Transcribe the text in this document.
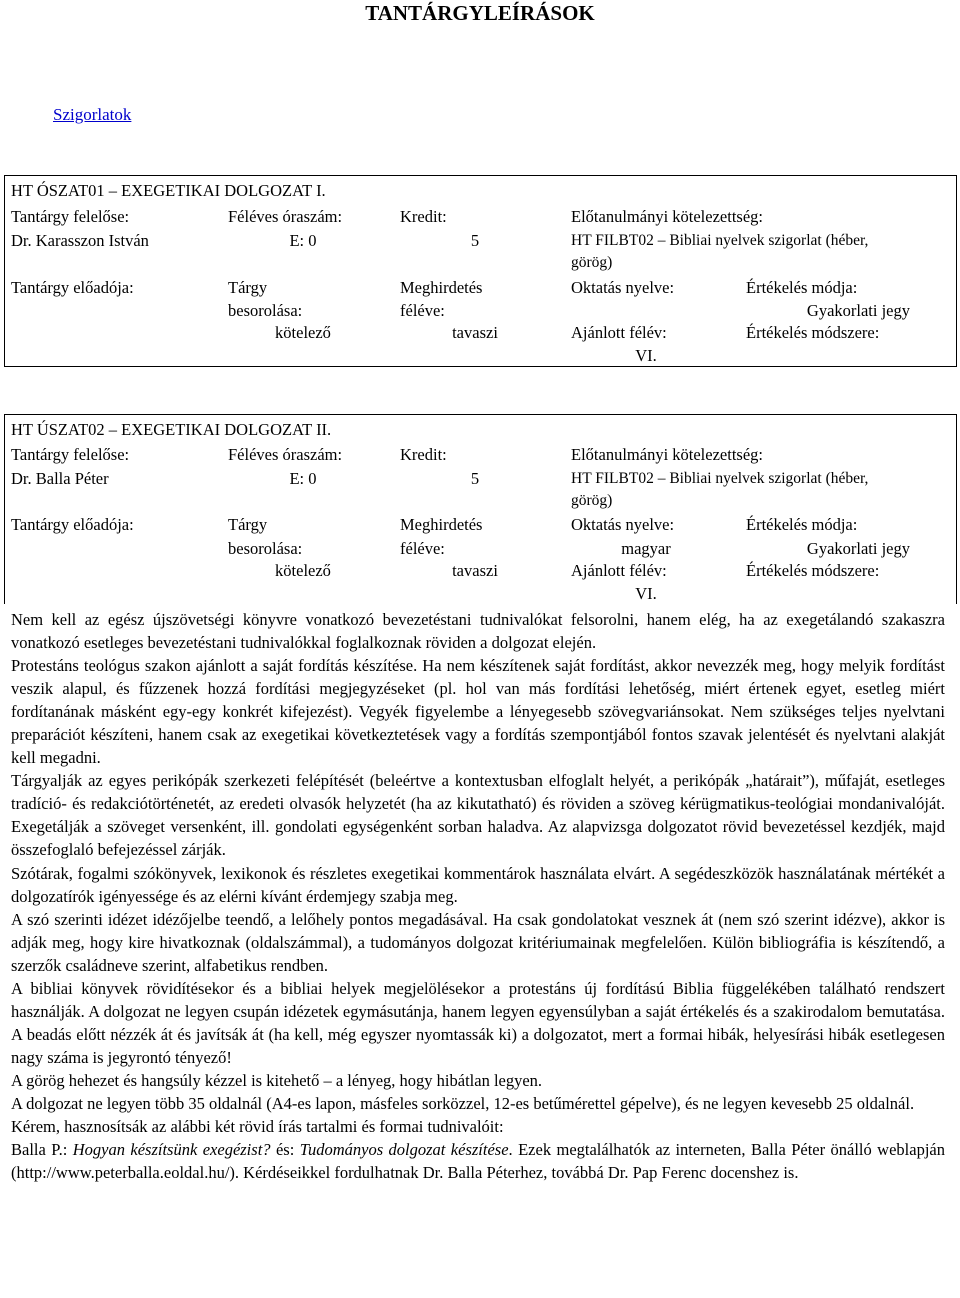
TANTÁRGYLEÍRÁSOK
Szigorlatok
HT ÓSZAT01 – EXEGETIKAI DOLGOZAT I.
Tantárgy felelőse:
Dr. Karasszon István
Tantárgy előadója:
Féléves óraszám:
E: 0
Tárgy
besorolása:
kötelező
Kredit:
5
Meghirdetés
féléve:
tavaszi
Előtanulmányi kötelezettség:
HT FILBT02 – Bibliai nyelvek szigorlat (héber,
görög)
Oktatás nyelve:
Ajánlott félév:
VI.
Értékelés módja:
Gyakorlati jegy
Értékelés módszere:
HT ÚSZAT02 – EXEGETIKAI DOLGOZAT II.
Tantárgy felelőse:
Dr. Balla Péter
Tantárgy előadója:
Féléves óraszám:
E: 0
Tárgy
besorolása:
kötelező
Kredit:
5
Meghirdetés
féléve:
tavaszi
Előtanulmányi kötelezettség:
HT FILBT02 – Bibliai nyelvek szigorlat (héber,
görög)
Oktatás nyelve:
magyar
Ajánlott félév:
VI.
Értékelés módja:
Gyakorlati jegy
Értékelés módszere:

Nem kell az egész újszövetségi könyvre vonatkozó bevezetéstani tudnivalókat felsorolni, hanem elég, ha az exegetálandó szakaszra vonatkozó esetleges bevezetéstani tudnivalókkal foglalkoznak röviden a dolgozat elején.

Protestáns teológus szakon ajánlott a saját fordítás készítése. Ha nem készítenek saját fordítást, akkor nevezzék meg, hogy melyik fordítást veszik alapul, és fűzzenek hozzá fordítási megjegyzéseket (pl. hol van más fordítási lehetőség, miért értenek egyet, esetleg miért fordítanának másként egy-egy konkrét kifejezést). Vegyék figyelembe a lényegesebb szövegvariánsokat. Nem szükséges teljes nyelvtani preparációt készíteni, hanem csak az exegetikai következtetések vagy a fordítás szempontjából fontos szavak jelentését és nyelvtani alakját kell megadni.

Tárgyalják az egyes perikópák szerkezeti felépítését (beleértve a kontextusban elfoglalt helyét, a perikópák „határait”), műfaját, esetleges tradíció- és redakciótörténetét, az eredeti olvasók helyzetét (ha az kikutatható) és röviden a szöveg kérügmatikus-teológiai mondanivalóját. Exegetálják a szöveget versenként, ill. gondolati egységenként sorban haladva. Az alapvizsga dolgozatot rövid bevezetéssel kezdjék, majd összefoglaló befejezéssel zárják.

Szótárak, fogalmi szókönyvek, lexikonok és részletes exegetikai kommentárok használata elvárt. A segédeszközök használatának mértékét a dolgozatírók igényessége és az elérni kívánt érdemjegy szabja meg.

A szó szerinti idézet idézőjelbe teendő, a lelőhely pontos megadásával. Ha csak gondolatokat vesznek át (nem szó szerint idézve), akkor is adják meg, hogy kire hivatkoznak (oldalszámmal), a tudományos dolgozat kritériumainak megfelelően. Külön bibliográfia is készítendő, a szerzők családneve szerint, alfabetikus rendben.

A bibliai könyvek rövidítésekor és a bibliai helyek megjelölésekor a protestáns új fordítású Biblia függelékében található rendszert használják. A dolgozat ne legyen csupán idézetek egymásutánja, hanem legyen egyensúlyban a saját értékelés és a szakirodalom bemutatása. A beadás előtt nézzék át és javítsák át (ha kell, még egyszer nyomtassák ki) a dolgozatot, mert a formai hibák, helyesírási hibák esetlegesen nagy száma is jegyrontó tényező!

A görög hehezet és hangsúly kézzel is kitehető – a lényeg, hogy hibátlan legyen.

A dolgozat ne legyen több 35 oldalnál (A4-es lapon, másfeles sorközzel, 12-es betűmérettel gépelve), és ne legyen kevesebb 25 oldalnál.

Kérem, hasznosítsák az alábbi két rövid írás tartalmi és formai tudnivalóit:

Balla P.: Hogyan készítsünk exegézist? és: Tudományos dolgozat készítése. Ezek megtalálhatók az interneten, Balla Péter önálló weblapján (http://www.peterballa.eoldal.hu/). Kérdéseikkel fordulhatnak Dr. Balla Péterhez, továbbá Dr. Pap Ferenc docenshez is.
